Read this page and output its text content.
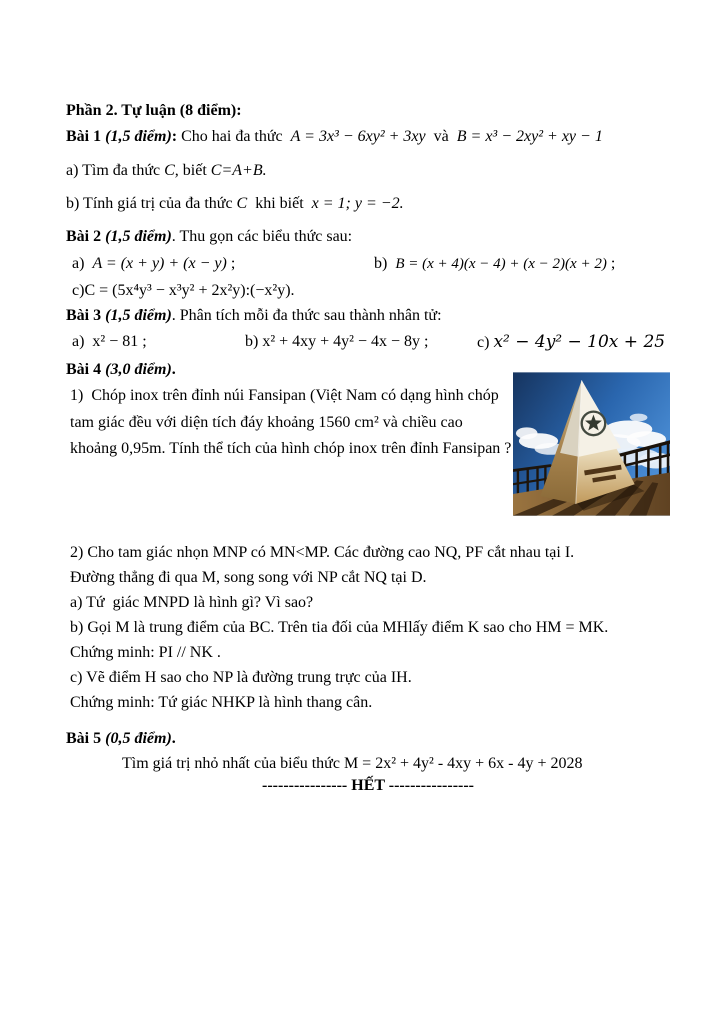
Phần 2. Tự luận (8 điểm):
Bài 1 (1,5 điểm): Cho hai đa thức  A = 3x³ − 6xy² + 3xy  và  B = x³ − 2xy² + xy − 1
a) Tìm đa thức C, biết C=A+B.
b) Tính giá trị của đa thức C  khi biết  x = 1; y = −2.
Bài 2 (1,5 điểm). Thu gọn các biểu thức sau:
a)  A = (x + y) + (x − y) ;	b)  B = (x + 4)(x − 4) + (x − 2)(x + 2) ;
c) C = (5x⁴y³ − x³y² + 2x²y):(−x²y).
Bài 3 (1,5 điểm). Phân tích mỗi đa thức sau thành nhân tử:
a)  x² − 81 ;	b) x² + 4xy + 4y² − 4x − 8y ;	c) x² − 4y² − 10x + 25
Bài 4 (3,0 điểm).
1)  Chóp inox trên đỉnh núi Fansipan (Việt Nam có dạng hình chóp tam giác đều với diện tích đáy khoảng 1560 cm² và chiều cao khoảng 0,95m. Tính thể tích của hình chóp inox trên đỉnh Fansipan ?
2) Cho tam giác nhọn MNP có MN<MP. Các đường cao NQ, PF cắt nhau tại I.
Đường thẳng đi qua M, song song với NP cắt NQ tại D.
a) Tứ  giác MNPD là hình gì? Vì sao?
b) Gọi M là trung điểm của BC. Trên tia đối của MHlấy điểm K sao cho HM = MK.
Chứng minh: PI // NK .
c) Vẽ điểm H sao cho NP là đường trung trực của IH.
Chứng minh: Tứ giác NHKP là hình thang cân.
Bài 5 (0,5 điểm).
Tìm giá trị nhỏ nhất của biểu thức M = 2x² + 4y² - 4xy + 6x - 4y + 2028
---------------- HẾT ----------------
